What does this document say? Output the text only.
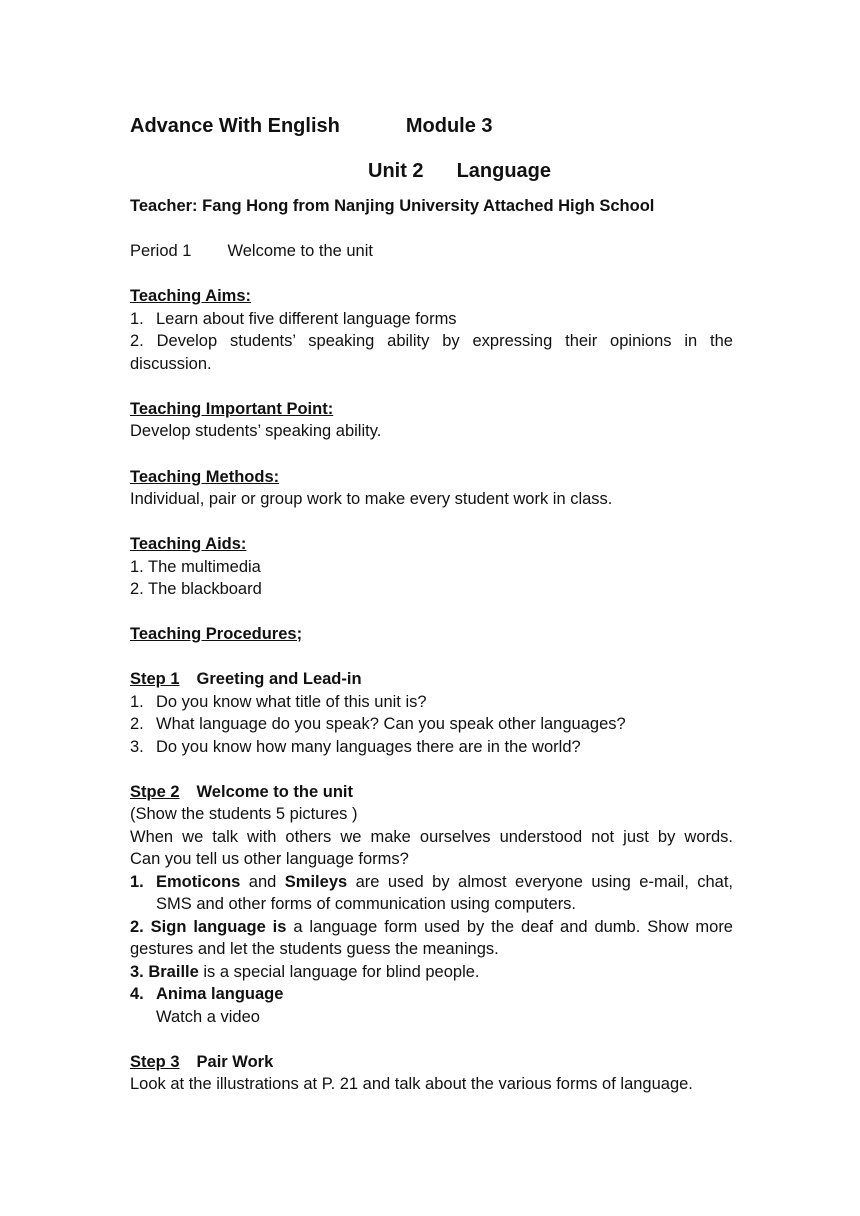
Advance With English	Module 3
Unit 2 Language
Teacher: Fang Hong from Nanjing University Attached High School
Period 1 Welcome to the unit
Teaching Aims:
1. Learn about five different language forms
2. Develop students’ speaking ability by expressing their opinions in the
discussion.
Teaching Important Point:
Develop students’ speaking ability.
Teaching Methods:
Individual, pair or group work to make every student work in class.
Teaching Aids:
1. The multimedia
2. The blackboard
Teaching Procedures;
Step 1 Greeting and Lead-in
1. Do you know what title of this unit is?
2. What language do you speak? Can you speak other languages?
3. Do you know how many languages there are in the world?
Stpe 2 Welcome to the unit
(Show the students 5 pictures )
When we talk with others we make ourselves understood not just by words.
Can you tell us other language forms?
1. Emoticons and Smileys are used by almost everyone using e-mail, chat,
SMS and other forms of communication using computers.
2. Sign language is a language form used by the deaf and dumb. Show more
gestures and let the students guess the meanings.
3. Braille is a special language for blind people.
4. Anima language
Watch a video
Step 3 Pair Work
Look at the illustrations at P. 21 and talk about the various forms of language.
